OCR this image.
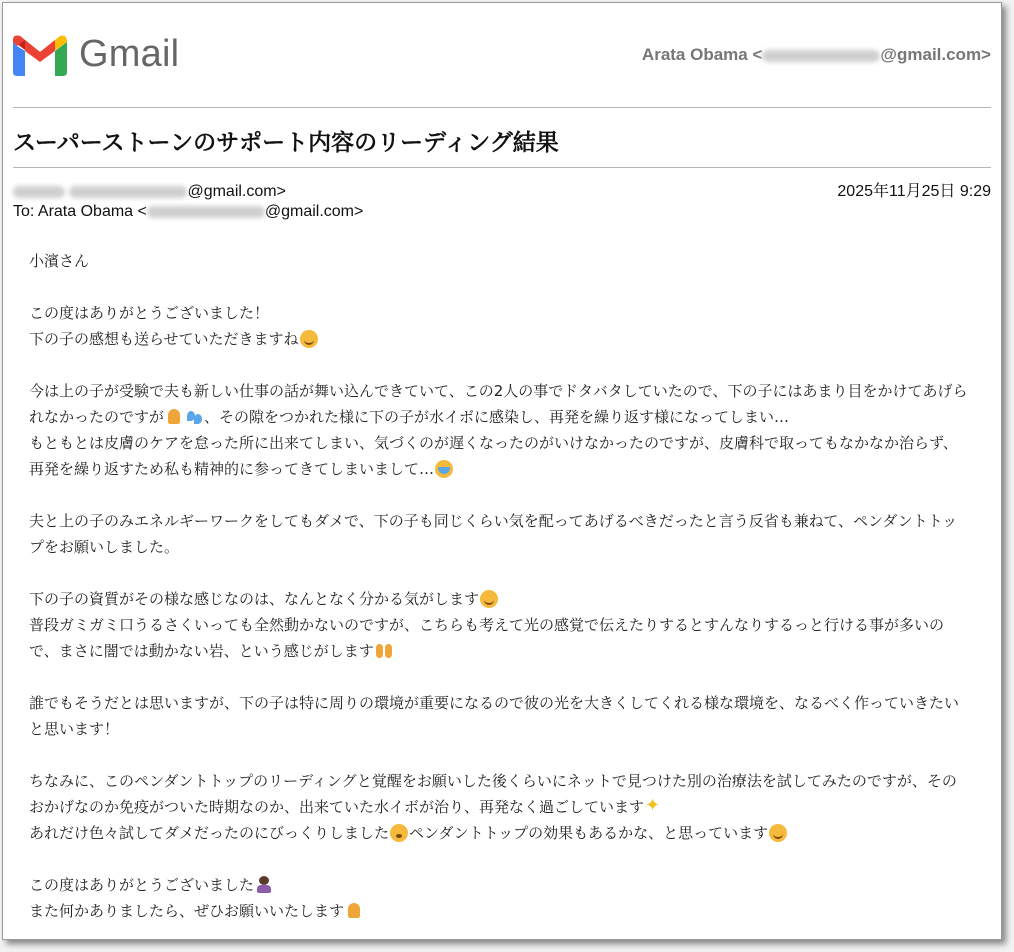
Gmail	Arata Obama <	@gmail.com>
スーパーストーンのサポート内容のリーディング結果
@gmail.com>
To: Arata Obama <	@gmail.com>
2025年11月25日 9:29
小濱さん
この度はありがとうございました！
下の子の感想も送らせていただきますね
今は上の子が受験で夫も新しい仕事の話が舞い込んできていて、この2人の事でドタバタしていたので、下の子にはあまり目をかけてあげられなかったのですが	、その隙をつかれた様に下の子が水イボに感染し、再発を繰り返す様になってしまい…
もともとは皮膚のケアを怠った所に出来てしまい、気づくのが遅くなったのがいけなかったのですが、皮膚科で取ってもなかなか治らず、再発を繰り返すため私も精神的に参ってきてしまいまして…
夫と上の子のみエネルギーワークをしてもダメで、下の子も同じくらい気を配ってあげるべきだったと言う反省も兼ねて、ペンダントトップをお願いしました。
下の子の資質がその様な感じなのは、なんとなく分かる気がします
普段ガミガミ口うるさくいっても全然動かないのですが、こちらも考えて光の感覚で伝えたりするとすんなりするっと行ける事が多いので、まさに闇では動かない岩、という感じがします
誰でもそうだとは思いますが、下の子は特に周りの環境が重要になるので彼の光を大きくしてくれる様な環境を、なるべく作っていきたいと思います！
ちなみに、このペンダントトップのリーディングと覚醒をお願いした後くらいにネットで見つけた別の治療法を試してみたのですが、そのおかげなのか免疫がついた時期なのか、出来ていた水イボが治り、再発なく過ごしています✦
あれだけ色々試してダメだったのにびっくりしました ペンダントトップの効果もあるかな、と思っています
この度はありがとうございました
また何かありましたら、ぜひお願いいたします
